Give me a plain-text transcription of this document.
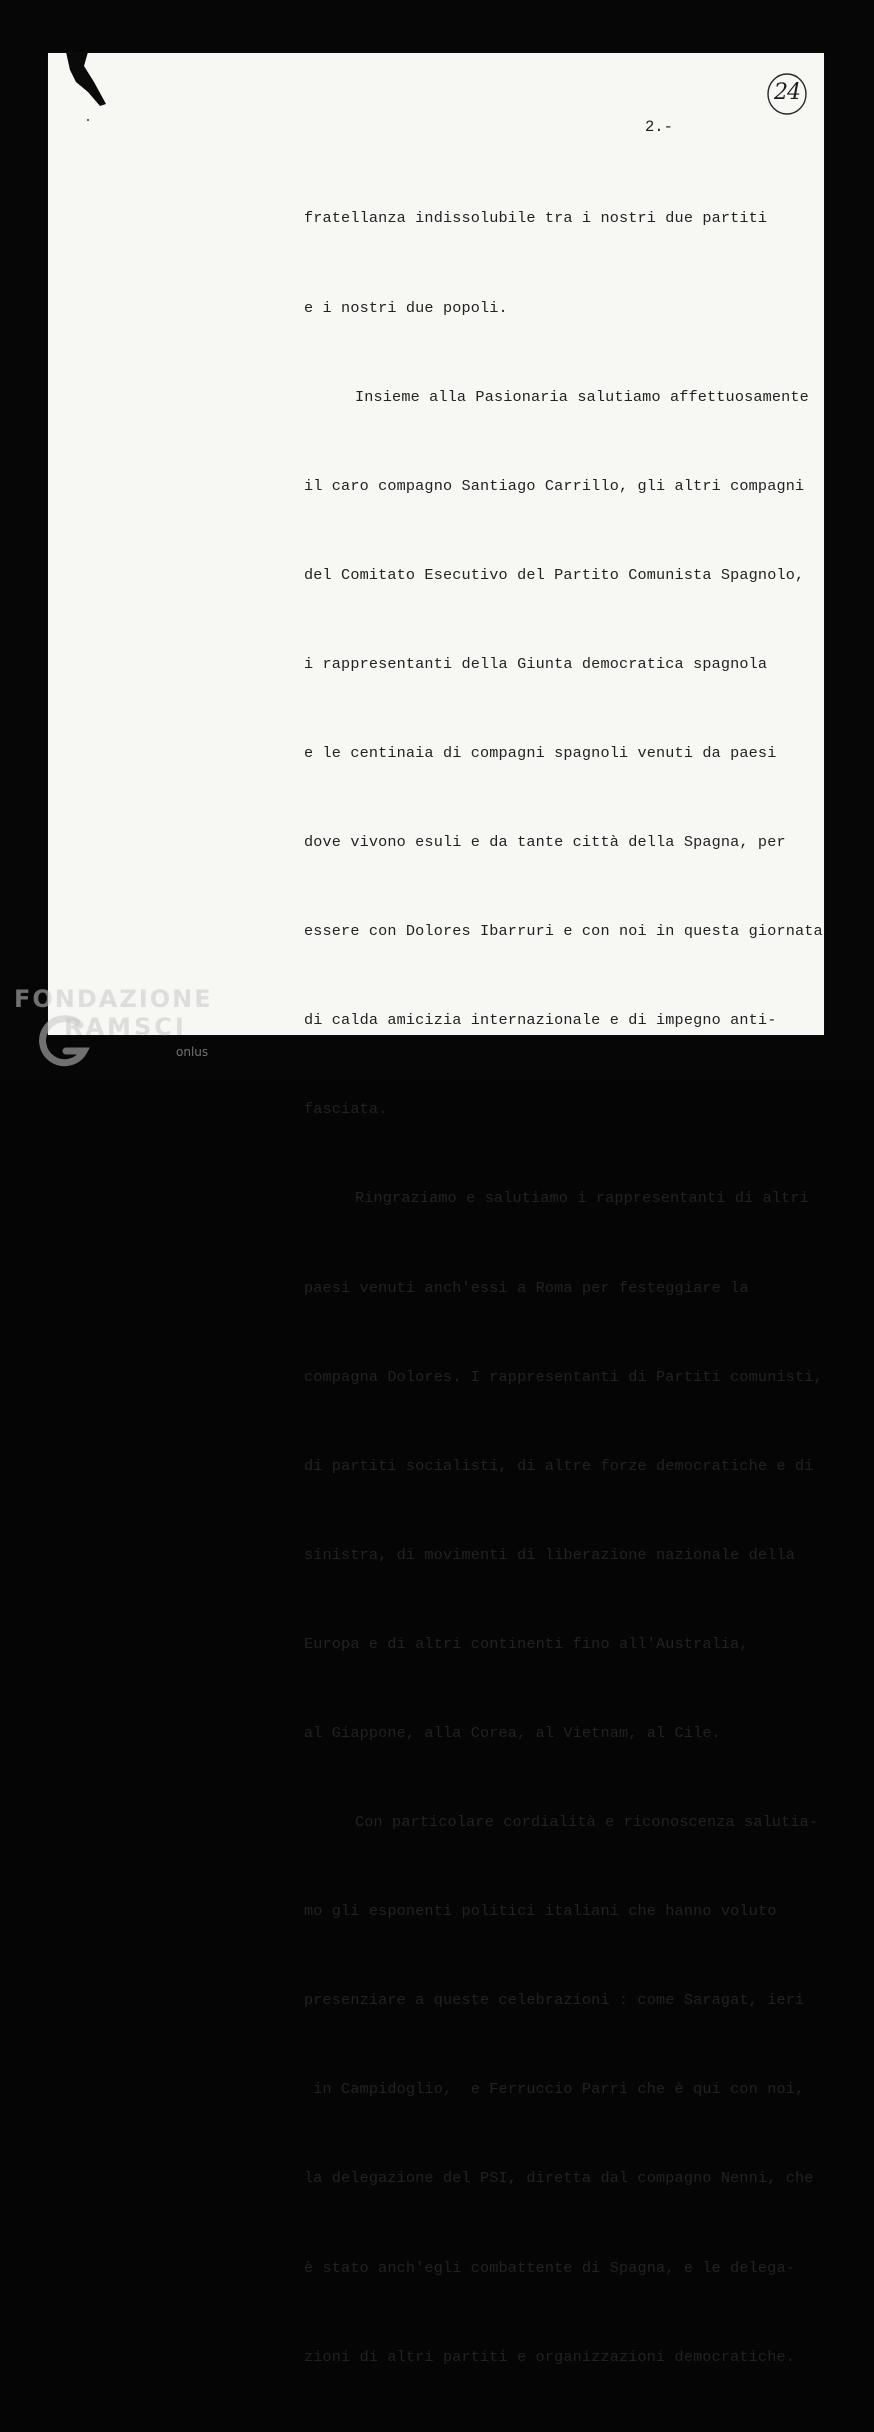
24
2.-

fratellanza indissolubile tra i nostri due partiti

e i nostri due popoli.

Insieme alla Pasionaria salutiamo affettuosamente

il caro compagno Santiago Carrillo, gli altri compagni

del Comitato Esecutivo del Partito Comunista Spagnolo,

i rappresentanti della Giunta democratica spagnola

e le centinaia di compagni spagnoli venuti da paesi

dove vivono esuli e da tante città della Spagna, per

essere con Dolores Ibarruri e con noi in questa giornata

di calda amicizia internazionale e di impegno anti-

fasciata.

Ringraziamo e salutiamo i rappresentanti di altri

paesi venuti anch'essi a Roma per festeggiare la

compagna Dolores. I rappresentanti di Partiti comunisti,

di partiti socialisti, di altre forze democratiche e di

sinistra, di movimenti di liberazione nazionale della

Europa e di altri continenti fino all'Australia,

al Giappone, alla Corea, al Vietnam, al Cile.

Con particolare cordialità e riconoscenza salutia-

mo gli esponenti politici italiani che hanno voluto

presenziare a queste celebrazioni : come Saragat, ieri

in Campidoglio,  e Ferruccio Parri che è qui con noi,

la delegazione del PSI, diretta dal compagno Nenni, che

è stato anch'egli combattente di Spagna, e le delega-

zioni di altri partiti e organizzazioni democratiche.

FONDAZIONE
RAMSCI
onlus
